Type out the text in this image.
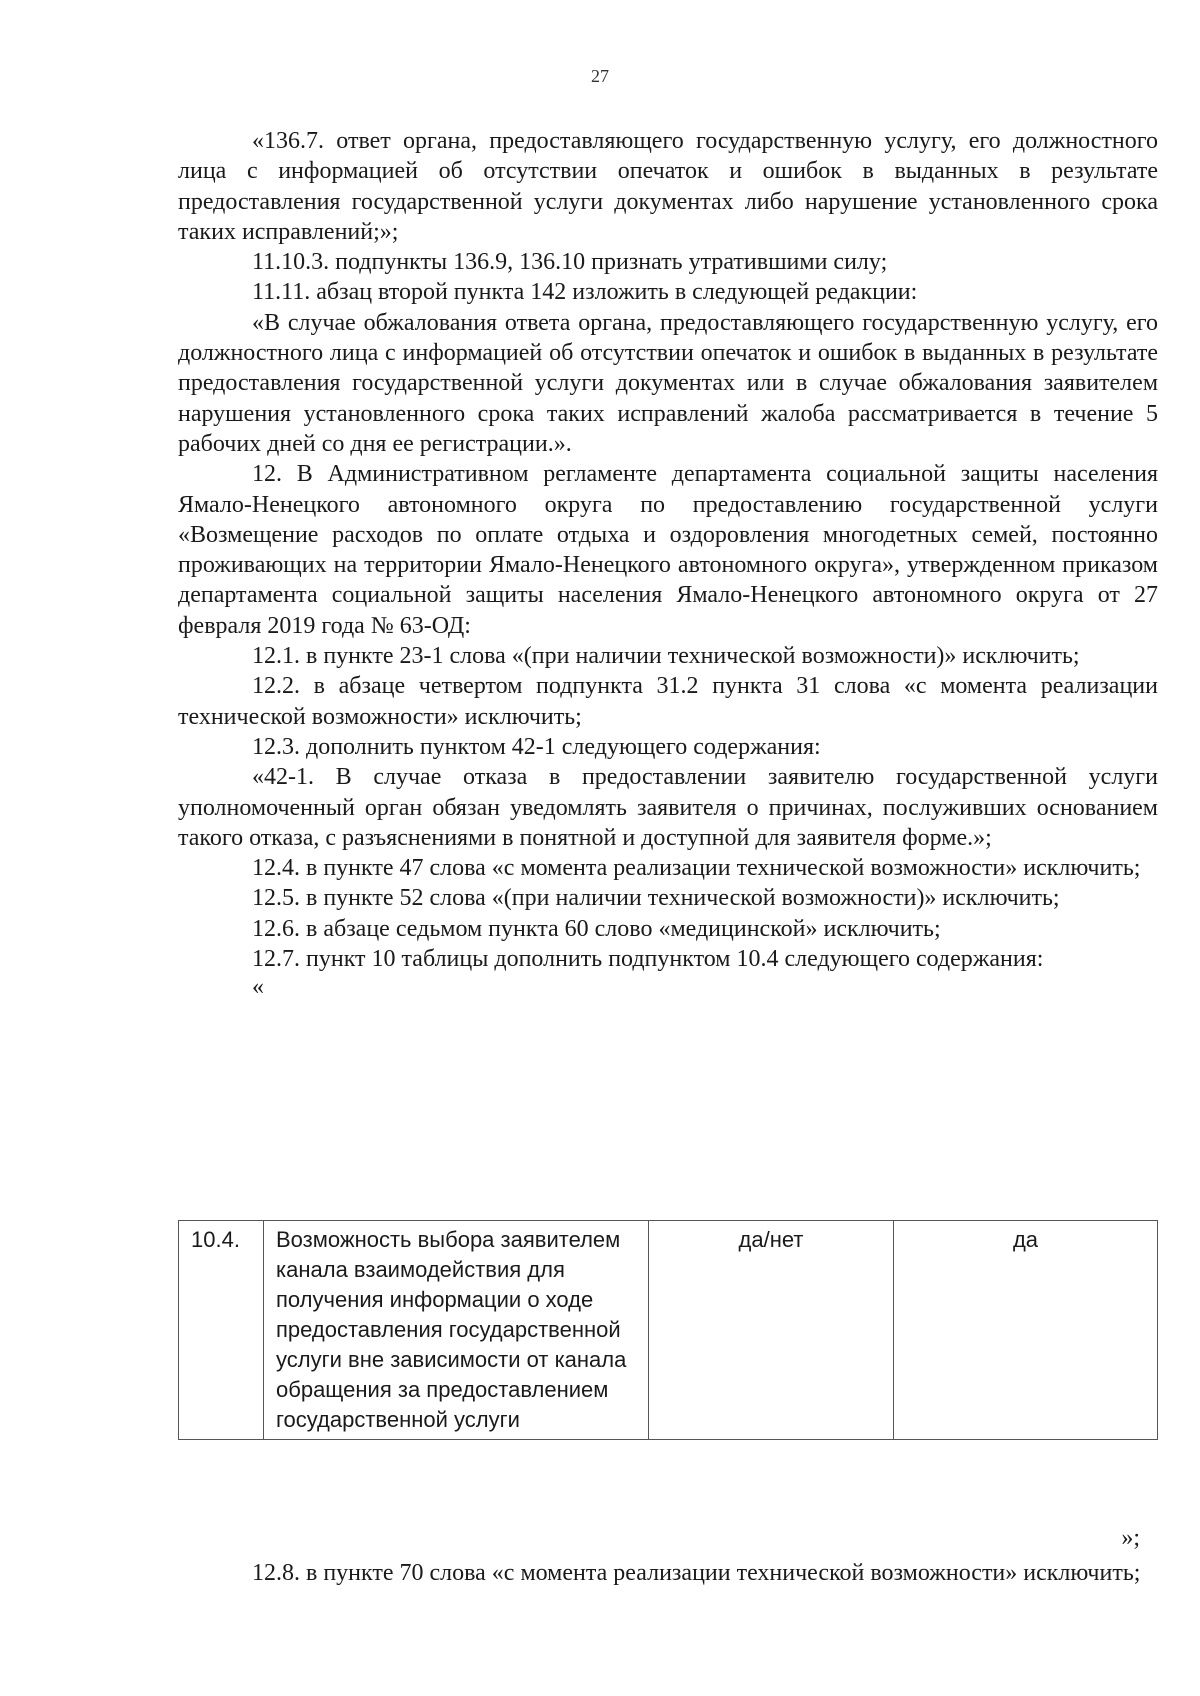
27

«136.7. ответ органа, предоставляющего государственную услугу, его должностного лица с информацией об отсутствии опечаток и ошибок в выданных в результате предоставления государственной услуги документах либо нарушение установленного срока таких исправлений;»;

11.10.3. подпункты 136.9, 136.10 признать утратившими силу;

11.11. абзац второй пункта 142 изложить в следующей редакции:

«В случае обжалования ответа органа, предоставляющего государственную услугу, его должностного лица с информацией об отсутствии опечаток и ошибок в выданных в результате предоставления государственной услуги документах или в случае обжалования заявителем нарушения установленного срока таких исправлений жалоба рассматривается в течение 5 рабочих дней со дня ее регистрации.».

12. В Административном регламенте департамента социальной защиты населения Ямало-Ненецкого автономного округа по предоставлению государственной услуги «Возмещение расходов по оплате отдыха и оздоровления многодетных семей, постоянно проживающих на территории Ямало-Ненецкого автономного округа», утвержденном приказом департамента социальной защиты населения Ямало-Ненецкого автономного округа от 27 февраля 2019 года № 63-ОД:

12.1. в пункте 23-1 слова «(при наличии технической возможности)» исключить;

12.2. в абзаце четвертом подпункта 31.2 пункта 31 слова «с момента реализации технической возможности» исключить;

12.3. дополнить пунктом 42-1 следующего содержания:

«42-1. В случае отказа в предоставлении заявителю государственной услуги уполномоченный орган обязан уведомлять заявителя о причинах, послуживших основанием такого отказа, с разъяснениями в понятной и доступной для заявителя форме.»;

12.4. в пункте 47 слова «с момента реализации технической возможности» исключить;

12.5. в пункте 52 слова «(при наличии технической возможности)» исключить;

12.6. в абзаце седьмом пункта 60 слово «медицинской» исключить;

12.7. пункт 10 таблицы дополнить подпунктом 10.4 следующего содержания:

«
10.4.	Возможность выбора заявителем канала взаимодействия для получения информации о ходе предоставления государственной услуги вне зависимости от канала обращения за предоставлением государственной услуги	да/нет	да
»;

12.8. в пункте 70 слова «с момента реализации технической возможности» исключить;
